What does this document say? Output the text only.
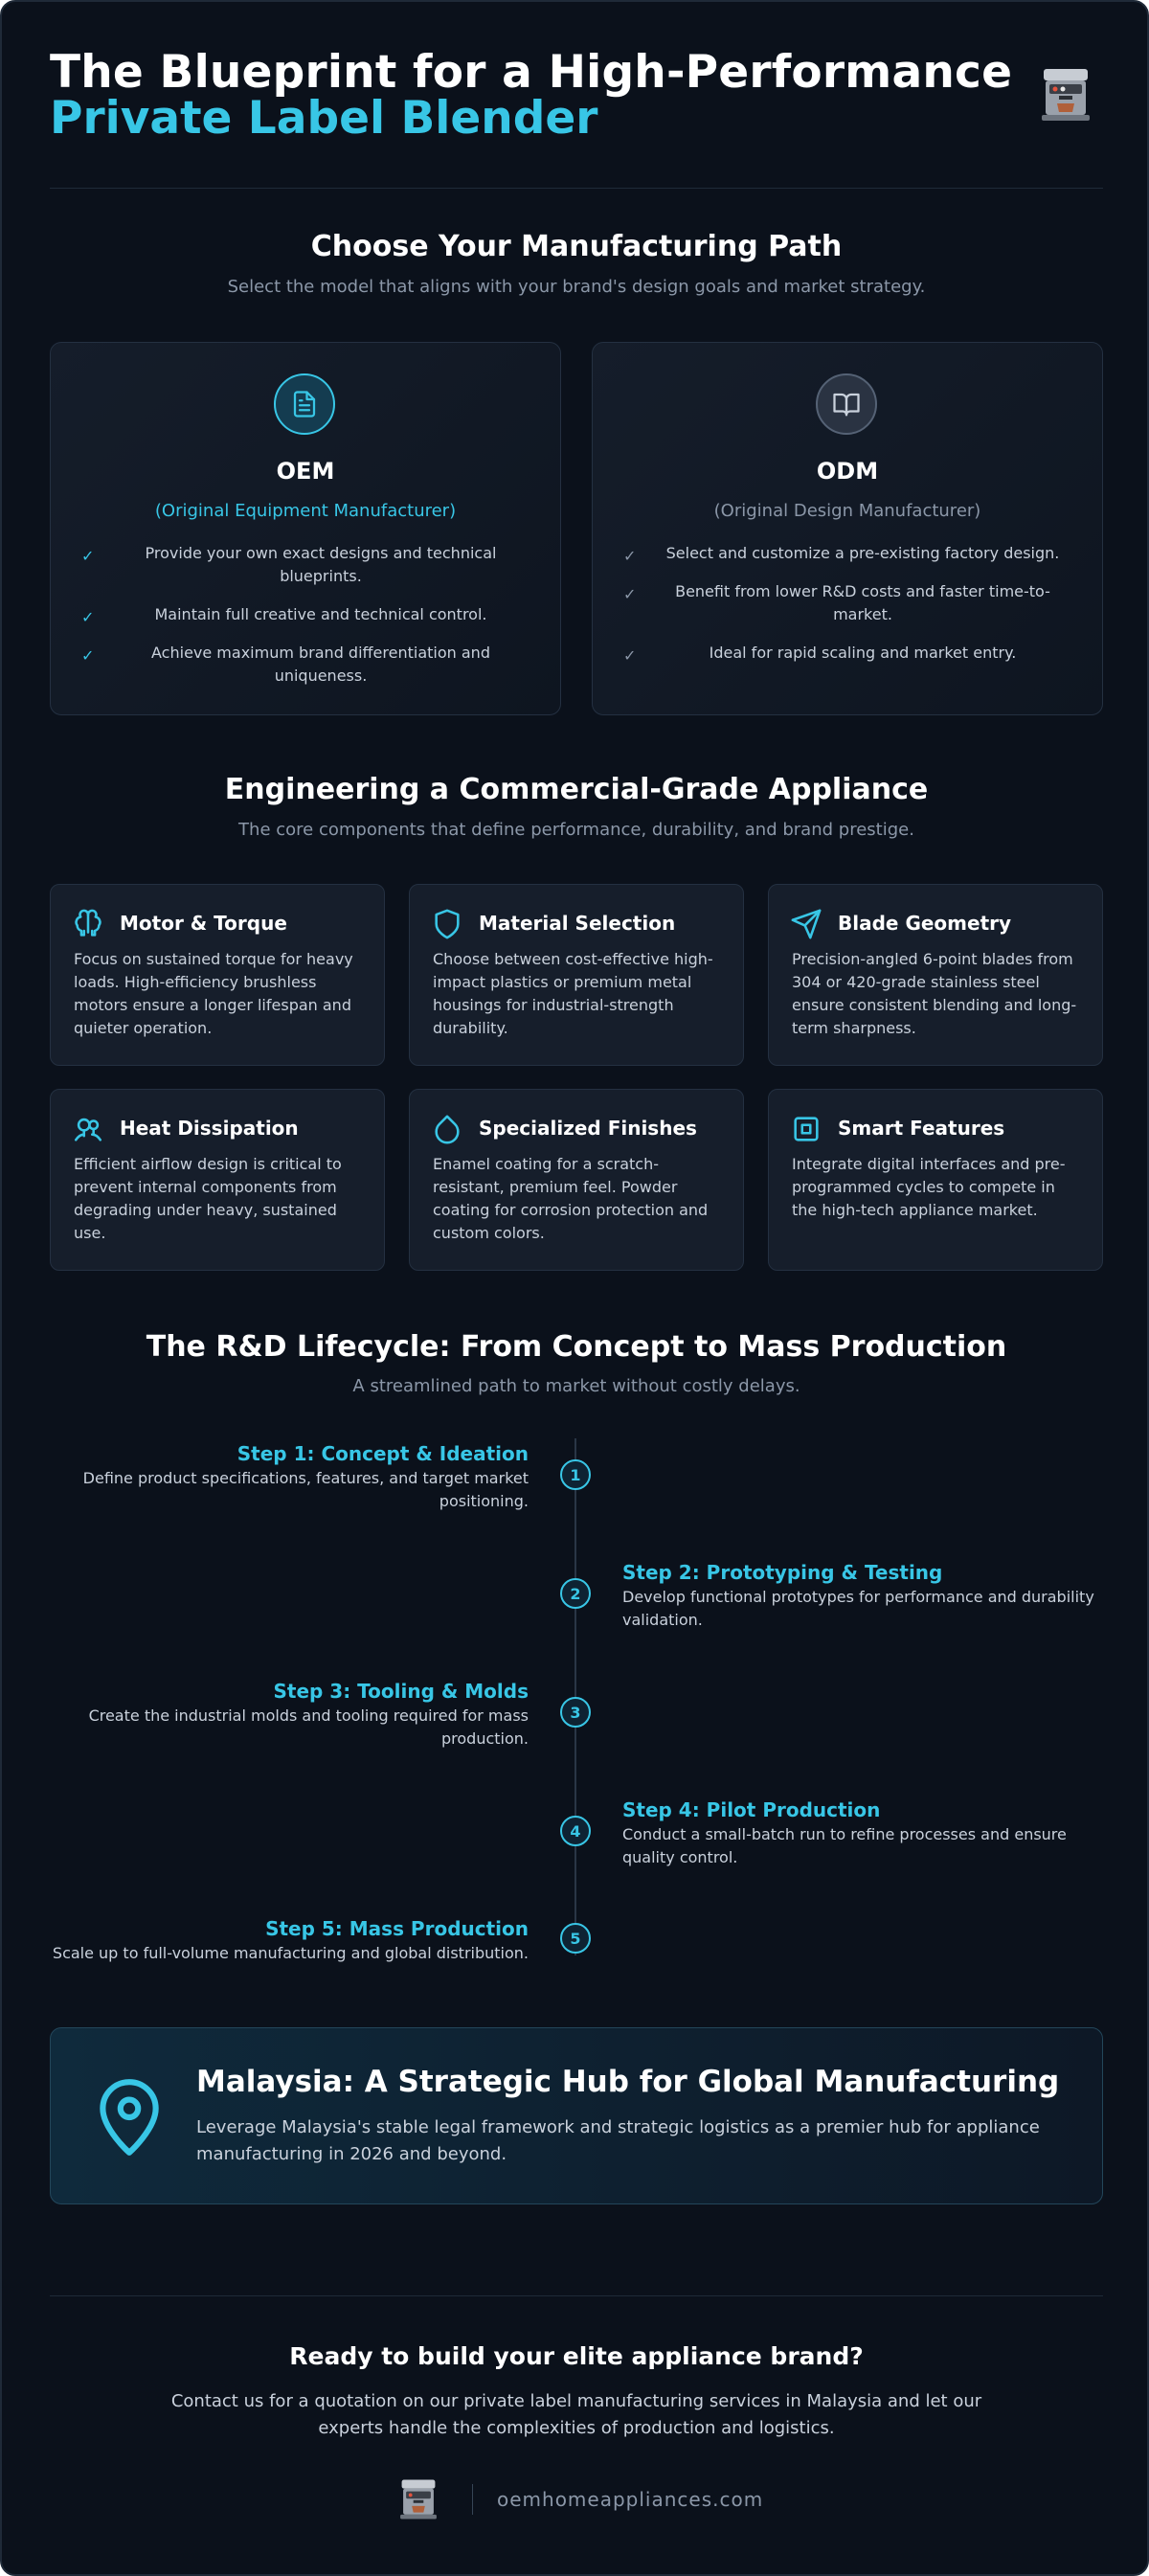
The Blueprint for a High-Performance
Private Label Blender
Choose Your Manufacturing Path
Select the model that aligns with your brand's design goals and market strategy.
OEM
(Original Equipment Manufacturer)
✓	Provide your own exact designs and technical blueprints.
✓	Maintain full creative and technical control.
✓	Achieve maximum brand differentiation and uniqueness.
ODM
(Original Design Manufacturer)
✓ Select and customize a pre-existing factory design.
✓	Benefit from lower R&D costs and faster time-to-market.
✓	Ideal for rapid scaling and market entry.
Engineering a Commercial-Grade Appliance
The core components that define performance, durability, and brand prestige.
Motor & Torque
Focus on sustained torque for heavy loads. High-efficiency brushless motors ensure a longer lifespan and quieter operation.
Material Selection
Choose between cost-effective high-impact plastics or premium metal housings for industrial-strength durability.
Blade Geometry
Precision-angled 6-point blades from 304 or 420-grade stainless steel ensure consistent blending and long-term sharpness.
Heat Dissipation
Efficient airflow design is critical to prevent internal components from degrading under heavy, sustained use.
Specialized Finishes
Enamel coating for a scratch-resistant, premium feel. Powder coating for corrosion protection and custom colors.
Smart Features
Integrate digital interfaces and pre-programmed cycles to compete in the high-tech appliance market.
The R&D Lifecycle: From Concept to Mass Production
A streamlined path to market without costly delays.
Step 1: Concept & Ideation
Define product specifications, features, and target market positioning.
1
Step 2: Prototyping & Testing
Develop functional prototypes for performance and durability validation.
2
Step 3: Tooling & Molds
Create the industrial molds and tooling required for mass production.
3
Step 4: Pilot Production
Conduct a small-batch run to refine processes and ensure quality control.
4
Step 5: Mass Production
Scale up to full-volume manufacturing and global distribution.
5
Malaysia: A Strategic Hub for Global Manufacturing
Leverage Malaysia's stable legal framework and strategic logistics as a premier hub for appliance manufacturing in 2026 and beyond.
Ready to build your elite appliance brand?
Contact us for a quotation on our private label manufacturing services in Malaysia and let our experts handle the complexities of production and logistics.
oemhomeappliances.com
